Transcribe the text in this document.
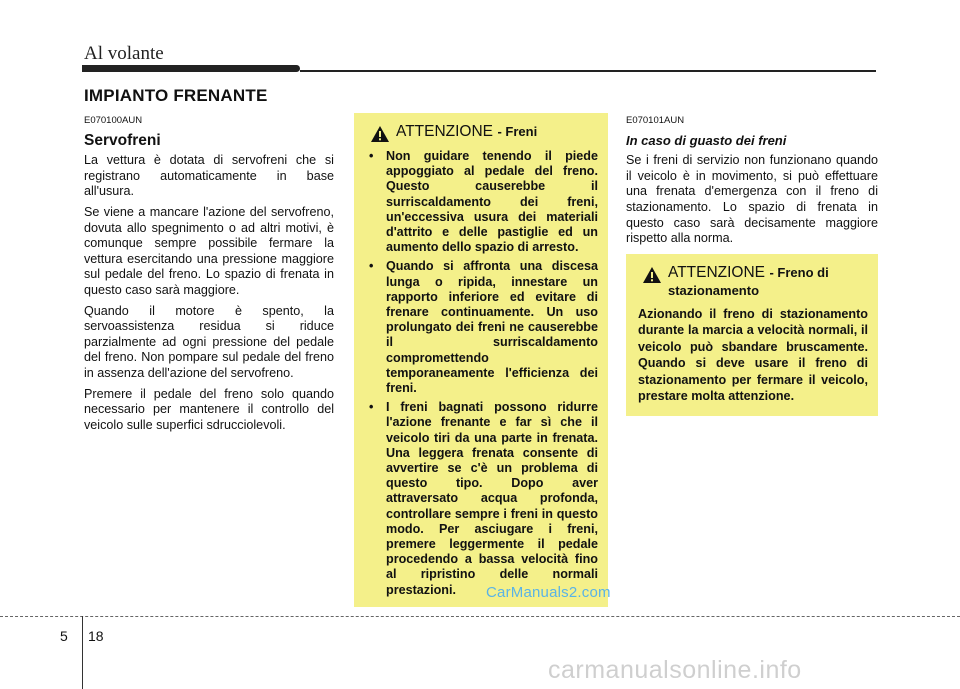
Al volante
IMPIANTO FRENANTE
E070100AUN
Servofreni

La vettura è dotata di servofreni che si registrano automaticamente in base all'usura.

Se viene a mancare l'azione del servofreno, dovuta allo spegnimento o ad altri motivi, è comunque sempre possibile fermare la vettura esercitando una pressione maggiore sul pedale del freno. Lo spazio di frenata in questo caso sarà maggiore.

Quando il motore è spento, la servoassistenza residua si riduce parzialmente ad ogni pressione del pedale del freno. Non pompare sul pedale del freno in assenza dell'azione del servofreno.

Premere il pedale del freno solo quando necessario per mantenere il controllo del veicolo sulle superfici sdrucciolevoli.

ATTENZIONE - Freni
• Non guidare tenendo il piede appoggiato al pedale del freno. Questo causerebbe il surriscaldamento dei freni, un'eccessiva usura dei materiali d'attrito e delle pastiglie ed un aumento dello spazio di arresto.
• Quando si affronta una discesa lunga o ripida, innestare un rapporto inferiore ed evitare di frenare continuamente. Un uso prolungato dei freni ne causerebbe il surriscaldamento compromettendo temporaneamente l'efficienza dei freni.
• I freni bagnati possono ridurre l'azione frenante e far sì che il veicolo tiri da una parte in frenata. Una leggera frenata consente di avvertire se c'è un problema di questo tipo. Dopo aver attraversato acqua profonda, controllare sempre i freni in questo modo. Per asciugare i freni, premere leggermente il pedale procedendo a bassa velocità fino al ripristino delle normali prestazioni.
E070101AUN
In caso di guasto dei freni

Se i freni di servizio non funzionano quando il veicolo è in movimento, si può effettuare una frenata d'emergenza con il freno di stazionamento. Lo spazio di frenata in questo caso sarà decisamente maggiore rispetto alla norma.

ATTENZIONE - Freno di stazionamento

Azionando il freno di stazionamento durante la marcia a velocità normali, il veicolo può sbandare bruscamente. Quando si deve usare il freno di stazionamento per fermare il veicolo, prestare molta attenzione.

CarManuals2.com
5 18
carmanualsonline.info
